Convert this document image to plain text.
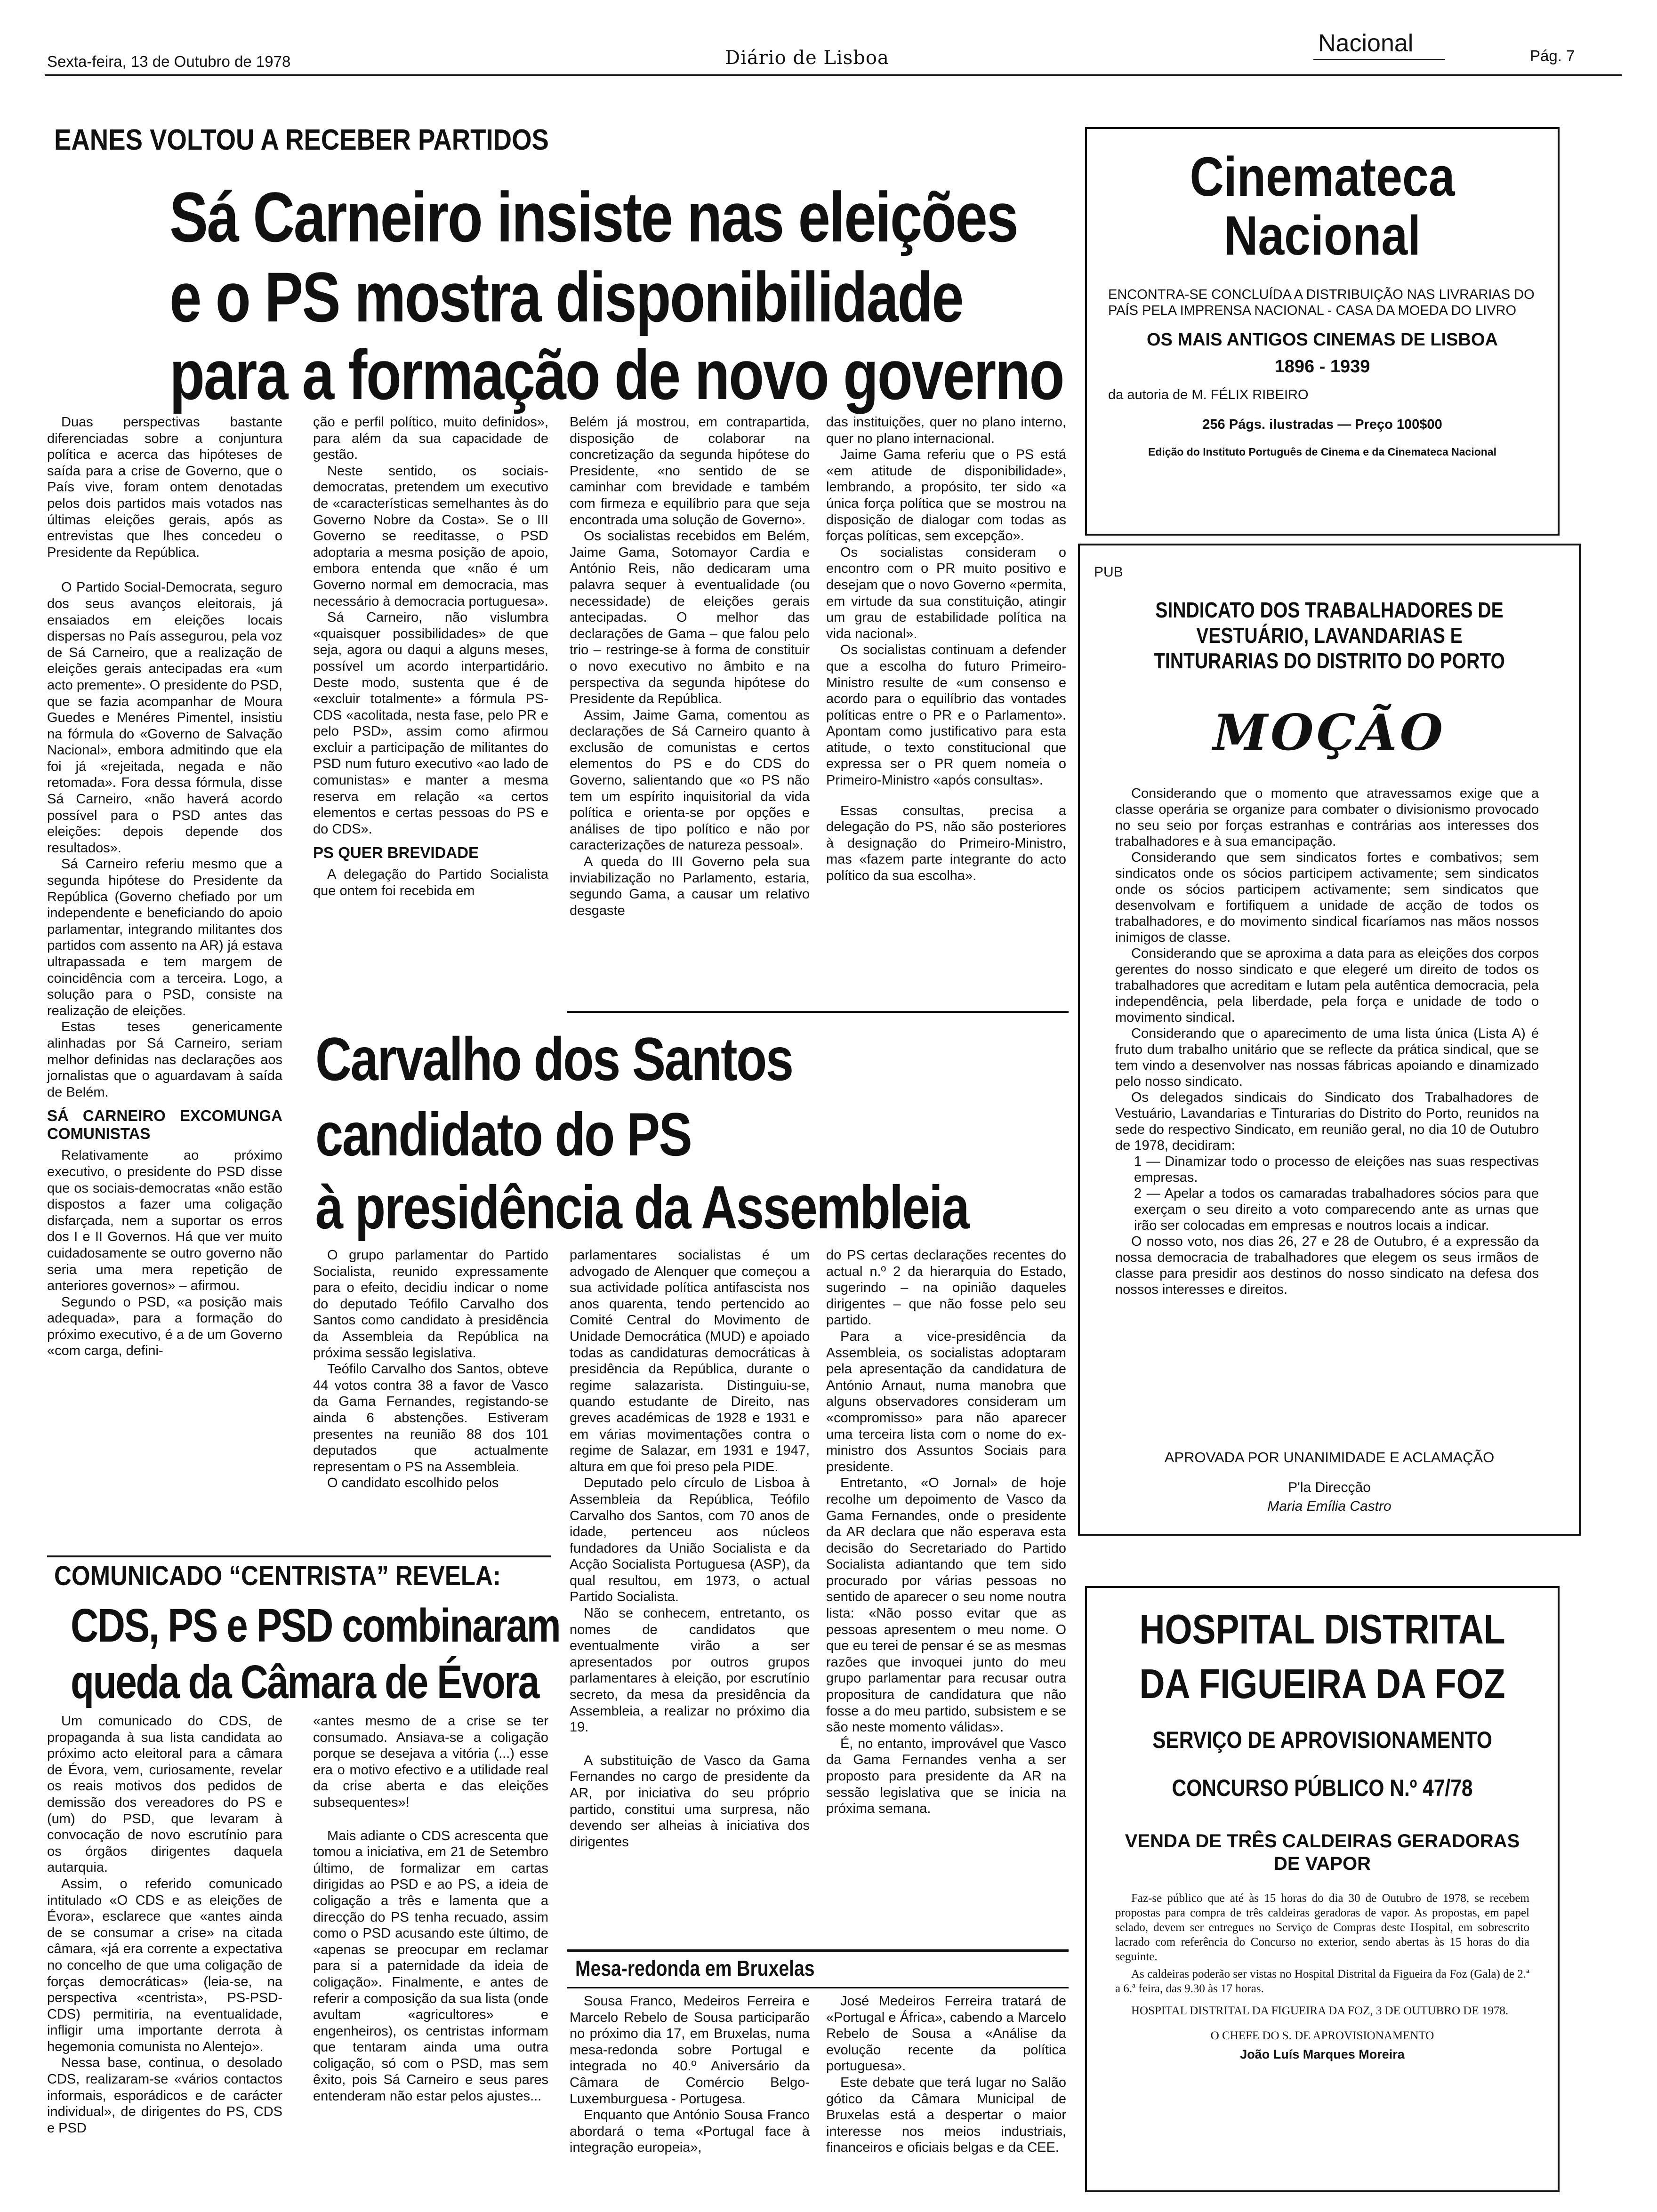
Sexta-feira, 13 de Outubro de 1978	Diário de Lisboa
Nacional	Pág. 7
EANES VOLTOU A RECEBER PARTIDOS
Sá Carneiro insiste nas eleições
e o PS mostra disponibilidade
para a formação de novo governo

Duas perspectivas bastante diferenciadas sobre a conjuntura política e acerca das hipóteses de saída para a crise de Governo, que o País vive, foram ontem denotadas pelos dois partidos mais votados nas últimas eleições gerais, após as entrevistas que lhes concedeu o Presidente da República.

O Partido Social-Democrata, seguro dos seus avanços eleitorais, já ensaiados em eleições locais dispersas no País assegurou, pela voz de Sá Carneiro, que a realização de eleições gerais antecipadas era «um acto premente». O presidente do PSD, que se fazia acompanhar de Moura Guedes e Menéres Pimentel, insistiu na fórmula do «Governo de Salvação Nacional», embora admitindo que ela foi já «rejeitada, negada e não retomada». Fora dessa fórmula, disse Sá Carneiro, «não haverá acordo possível para o PSD antes das eleições: depois depende dos resultados».

Sá Carneiro referiu mesmo que a segunda hipótese do Presidente da República (Governo chefiado por um independente e beneficiando do apoio parlamentar, integrando militantes dos partidos com assento na AR) já estava ultrapassada e tem margem de coincidência com a terceira. Logo, a solução para o PSD, consiste na realização de eleições.

Estas teses genericamente alinhadas por Sá Carneiro, seriam melhor definidas nas declarações aos jornalistas que o aguardavam à saída de Belém.

SÁ CARNEIRO EXCOMUNGA COMUNISTAS

Relativamente ao próximo executivo, o presidente do PSD disse que os sociais-democratas «não estão dispostos a fazer uma coligação disfarçada, nem a suportar os erros dos I e II Governos. Há que ver muito cuidadosamente se outro governo não seria uma mera repetição de anteriores governos» – afirmou.

Segundo o PSD, «a posição mais adequada», para a formação do próximo executivo, é a de um Governo «com carga, defini-

ção e perfil político, muito definidos», para além da sua capacidade de gestão.

Neste sentido, os sociais-democratas, pretendem um executivo de «características semelhantes às do Governo Nobre da Costa». Se o III Governo se reeditasse, o PSD adoptaria a mesma posição de apoio, embora entenda que «não é um Governo normal em democracia, mas necessário à democracia portuguesa».

Sá Carneiro, não vislumbra «quaisquer possibilidades» de que seja, agora ou daqui a alguns meses, possível um acordo interpartidário. Deste modo, sustenta que é de «excluir totalmente» a fórmula PS-CDS «acolitada, nesta fase, pelo PR e pelo PSD», assim como afirmou excluir a participação de militantes do PSD num futuro executivo «ao lado de comunistas» e manter a mesma reserva em relação «a certos elementos e certas pessoas do PS e do CDS».

PS QUER BREVIDADE

A delegação do Partido Socialista que ontem foi recebida em

Belém já mostrou, em contrapartida, disposição de colaborar na concretização da segunda hipótese do Presidente, «no sentido de se caminhar com brevidade e também com firmeza e equilíbrio para que seja encontrada uma solução de Governo».

Os socialistas recebidos em Belém, Jaime Gama, Sotomayor Cardia e António Reis, não dedicaram uma palavra sequer à eventualidade (ou necessidade) de eleições gerais antecipadas. O melhor das declarações de Gama – que falou pelo trio – restringe-se à forma de constituir o novo executivo no âmbito e na perspectiva da segunda hipótese do Presidente da República.

Assim, Jaime Gama, comentou as declarações de Sá Carneiro quanto à exclusão de comunistas e certos elementos do PS e do CDS do Governo, salientando que «o PS não tem um espírito inquisitorial da vida política e orienta-se por opções e análises de tipo político e não por caracterizações de natureza pessoal».

A queda do III Governo pela sua inviabilização no Parlamento, estaria, segundo Gama, a causar um relativo desgaste

das instituições, quer no plano interno, quer no plano internacional.

Jaime Gama referiu que o PS está «em atitude de disponibilidade», lembrando, a propósito, ter sido «a única força política que se mostrou na disposição de dialogar com todas as forças políticas, sem excepção».

Os socialistas consideram o encontro com o PR muito positivo e desejam que o novo Governo «permita, em virtude da sua constituição, atingir um grau de estabilidade política na vida nacional».

Os socialistas continuam a defender que a escolha do futuro Primeiro-Ministro resulte de «um consenso e acordo para o equilíbrio das vontades políticas entre o PR e o Parlamento». Apontam como justificativo para esta atitude, o texto constitucional que expressa ser o PR quem nomeia o Primeiro-Ministro «após consultas».

Essas consultas, precisa a delegação do PS, não são posteriores à designação do Primeiro-Ministro, mas «fazem parte integrante do acto político da sua escolha».

Carvalho dos Santos
candidato do PS
à presidência da Assembleia

O grupo parlamentar do Partido Socialista, reunido expressamente para o efeito, decidiu indicar o nome do deputado Teófilo Carvalho dos Santos como candidato à presidência da Assembleia da República na próxima sessão legislativa.

Teófilo Carvalho dos Santos, obteve 44 votos contra 38 a favor de Vasco da Gama Fernandes, registando-se ainda 6 abstenções. Estiveram presentes na reunião 88 dos 101 deputados que actualmente representam o PS na Assembleia.

O candidato escolhido pelos

parlamentares socialistas é um advogado de Alenquer que começou a sua actividade política antifascista nos anos quarenta, tendo pertencido ao Comité Central do Movimento de Unidade Democrática (MUD) e apoiado todas as candidaturas democráticas à presidência da República, durante o regime salazarista. Distinguiu-se, quando estudante de Direito, nas greves académicas de 1928 e 1931 e em várias movimentações contra o regime de Salazar, em 1931 e 1947, altura em que foi preso pela PIDE.

Deputado pelo círculo de Lisboa à Assembleia da República, Teófilo Carvalho dos Santos, com 70 anos de idade, pertenceu aos núcleos fundadores da União Socialista e da Acção Socialista Portuguesa (ASP), da qual resultou, em 1973, o actual Partido Socialista.

Não se conhecem, entretanto, os nomes de candidatos que eventualmente virão a ser apresentados por outros grupos parlamentares à eleição, por escrutínio secreto, da mesa da presidência da Assembleia, a realizar no próximo dia 19.

A substituição de Vasco da Gama Fernandes no cargo de presidente da AR, por iniciativa do seu próprio partido, constitui uma surpresa, não devendo ser alheias à iniciativa dos dirigentes

do PS certas declarações recentes do actual n.º 2 da hierarquia do Estado, sugerindo – na opinião daqueles dirigentes – que não fosse pelo seu partido.

Para a vice-presidência da Assembleia, os socialistas adoptaram pela apresentação da candidatura de António Arnaut, numa manobra que alguns observadores consideram um «compromisso» para não aparecer uma terceira lista com o nome do ex-ministro dos Assuntos Sociais para presidente.

Entretanto, «O Jornal» de hoje recolhe um depoimento de Vasco da Gama Fernandes, onde o presidente da AR declara que não esperava esta decisão do Secretariado do Partido Socialista adiantando que tem sido procurado por várias pessoas no sentido de aparecer o seu nome noutra lista: «Não posso evitar que as pessoas apresentem o meu nome. O que eu terei de pensar é se as mesmas razões que invoquei junto do meu grupo parlamentar para recusar outra propositura de candidatura que não fosse a do meu partido, subsistem e se são neste momento válidas».

É, no entanto, improvável que Vasco da Gama Fernandes venha a ser proposto para presidente da AR na sessão legislativa que se inicia na próxima semana.

COMUNICADO “CENTRISTA” REVELA:
CDS, PS e PSD combinaram
queda da Câmara de Évora

Um comunicado do CDS, de propaganda à sua lista candidata ao próximo acto eleitoral para a câmara de Évora, vem, curiosamente, revelar os reais motivos dos pedidos de demissão dos vereadores do PS e (um) do PSD, que levaram à convocação de novo escrutínio para os órgãos dirigentes daquela autarquia.

Assim, o referido comunicado intitulado «O CDS e as eleições de Évora», esclarece que «antes ainda de se consumar a crise» na citada câmara, «já era corrente a expectativa no concelho de que uma coligação de forças democráticas» (leia-se, na perspectiva «centrista», PS-PSD-CDS) permitiria, na eventualidade, infligir uma importante derrota à hegemonia comunista no Alentejo».

Nessa base, continua, o desolado CDS, realizaram-se «vários contactos informais, esporádicos e de carácter individual», de dirigentes do PS, CDS e PSD

«antes mesmo de a crise se ter consumado. Ansiava-se a coligação porque se desejava a vitória (...) esse era o motivo efectivo e a utilidade real da crise aberta e das eleições subsequentes»!

Mais adiante o CDS acrescenta que tomou a iniciativa, em 21 de Setembro último, de formalizar em cartas dirigidas ao PSD e ao PS, a ideia de coligação a três e lamenta que a direcção do PS tenha recuado, assim como o PSD acusando este último, de «apenas se preocupar em reclamar para si a paternidade da ideia de coligação». Finalmente, e antes de referir a composição da sua lista (onde avultam «agricultores» e engenheiros), os centristas informam que tentaram ainda uma outra coligação, só com o PSD, mas sem êxito, pois Sá Carneiro e seus pares entenderam não estar pelos ajustes...

Mesa-redonda em Bruxelas

Sousa Franco, Medeiros Ferreira e Marcelo Rebelo de Sousa participarão no próximo dia 17, em Bruxelas, numa mesa-redonda sobre Portugal e integrada no 40.º Aniversário da Câmara de Comércio Belgo-Luxemburguesa - Portugesa.

Enquanto que António Sousa Franco abordará o tema «Portugal face à integração europeia»,

José Medeiros Ferreira tratará de «Portugal e África», cabendo a Marcelo Rebelo de Sousa a «Análise da evolução recente da política portuguesa».

Este debate que terá lugar no Salão gótico da Câmara Municipal de Bruxelas está a despertar o maior interesse nos meios industriais, financeiros e oficiais belgas e da CEE.

Cinemateca
Nacional
ENCONTRA-SE CONCLUÍDA A DISTRIBUIÇÃO NAS LIVRARIAS DO PAÍS PELA IMPRENSA NACIONAL - CASA DA MOEDA DO LIVRO
OS MAIS ANTIGOS CINEMAS DE LISBOA
1896 - 1939
da autoria de M. FÉLIX RIBEIRO
256 Págs. ilustradas — Preço 100$00
Edição do Instituto Português de Cinema e da Cinemateca Nacional
PUB
SINDICATO DOS TRABALHADORES DE VESTUÁRIO, LAVANDARIAS E TINTURARIAS DO DISTRITO DO PORTO
MOÇÃO

Considerando que o momento que atravessamos exige que a classe operária se organize para combater o divisionismo provocado no seu seio por forças estranhas e contrárias aos interesses dos trabalhadores e à sua emancipação.

Considerando que sem sindicatos fortes e combativos; sem sindicatos onde os sócios participem activamente; sem sindicatos onde os sócios participem activamente; sem sindicatos que desenvolvam e fortifiquem a unidade de acção de todos os trabalhadores, e do movimento sindical ficaríamos nas mãos nossos inimigos de classe.

Considerando que se aproxima a data para as eleições dos corpos gerentes do nosso sindicato e que elegeré um direito de todos os trabalhadores que acreditam e lutam pela autêntica democracia, pela independência, pela liberdade, pela força e unidade de todo o movimento sindical.

Considerando que o aparecimento de uma lista única (Lista A) é fruto dum trabalho unitário que se reflecte da prática sindical, que se tem vindo a desenvolver nas nossas fábricas apoiando e dinamizado pelo nosso sindicato.

Os delegados sindicais do Sindicato dos Trabalhadores de Vestuário, Lavandarias e Tinturarias do Distrito do Porto, reunidos na sede do respectivo Sindicato, em reunião geral, no dia 10 de Outubro de 1978, decidiram:

1 — Dinamizar todo o processo de eleições nas suas respectivas empresas.

2 — Apelar a todos os camaradas trabalhadores sócios para que exerçam o seu direito a voto comparecendo ante as urnas que irão ser colocadas em empresas e noutros locais a indicar.

O nosso voto, nos dias 26, 27 e 28 de Outubro, é a expressão da nossa democracia de trabalhadores que elegem os seus irmãos de classe para presidir aos destinos do nosso sindicato na defesa dos nossos interesses e direitos.

APROVADA POR UNANIMIDADE E ACLAMAÇÃO
P'la Direcção
Maria Emília Castro
HOSPITAL DISTRITAL
DA FIGUEIRA DA FOZ
SERVIÇO DE APROVISIONAMENTO
CONCURSO PÚBLICO N.º 47/78
VENDA DE TRÊS CALDEIRAS GERADORAS DE VAPOR
Faz-se público que até às 15 horas do dia 30 de Outubro de 1978, se recebem propostas para compra de três caldeiras geradoras de vapor. As propostas, em papel selado, devem ser entregues no Serviço de Compras deste Hospital, em sobrescrito lacrado com referência do Concurso no exterior, sendo abertas às 15 horas do dia seguinte.
As caldeiras poderão ser vistas no Hospital Distrital da Figueira da Foz (Gala) de 2.ª a 6.ª feira, das 9.30 às 17 horas.
HOSPITAL DISTRITAL DA FIGUEIRA DA FOZ, 3 DE OUTUBRO DE 1978.
O CHEFE DO S. DE APROVISIONAMENTO
João Luís Marques Moreira
